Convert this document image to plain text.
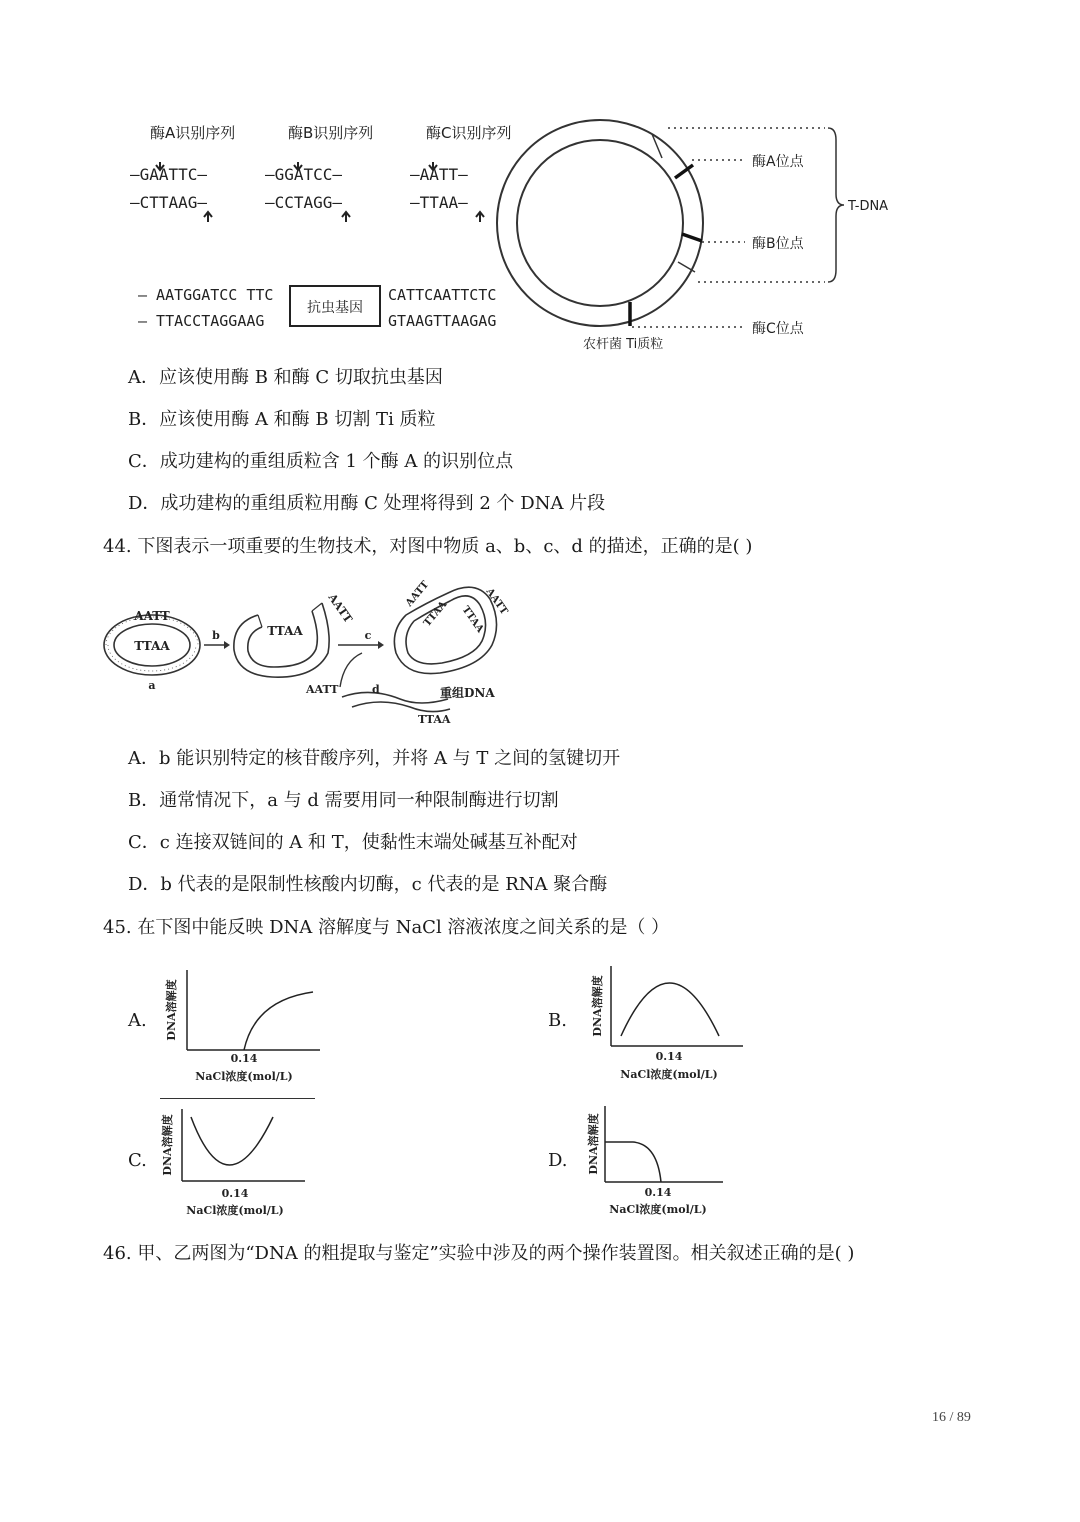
酶A识别序列	酶B识别序列	酶C识别序列
—GAATTC—
—CTTAAG—
—GGATCC—
—CCTAGG—
—AATT—
—TTAA—
— AATGGATCC TTC
— TTACCTAGGAAG
抗虫基因
CATTCAATTCTC
GTAAGTTAAGAG
酶A位点
酶B位点
酶C位点
T-DNA
农杆菌 Ti质粒
A．应该使用酶 B 和酶 C 切取抗虫基因
B．应该使用酶 A 和酶 B 切割 Ti 质粒
C．成功建构的重组质粒含 1 个酶 A 的识别位点
D．成功建构的重组质粒用酶 C 处理将得到 2 个 DNA 片段
44. 下图表示一项重要的生物技术，对图中物质 a、b、c、d 的描述，正确的是( )
AATT
TTAA
a
b	TTAA
AATT
c
AATT
TTAA TTAA
AATT
AATT	d
TTAA
重组DNA
A．b 能识别特定的核苷酸序列，并将 A 与 T 之间的氢键切开
B．通常情况下，a 与 d 需要用同一种限制酶进行切割
C．c 连接双链间的 A 和 T，使黏性末端处碱基互补配对
D．b 代表的是限制性核酸内切酶，c 代表的是 RNA 聚合酶
45. 在下图中能反映 DNA 溶解度与 NaCl 溶液浓度之间关系的是（ ）
A. DNA溶解度
0.14
NaCl浓度(mol/L)
B. DNA溶解度
0.14
NaCl浓度(mol/L)
C. DNA溶解度
0.14
NaCl浓度(mol/L)
D. DNA溶解度
0.14
NaCl浓度(mol/L)
46. 甲、乙两图为“DNA 的粗提取与鉴定”实验中涉及的两个操作装置图。相关叙述正确的是( )
16 / 89
